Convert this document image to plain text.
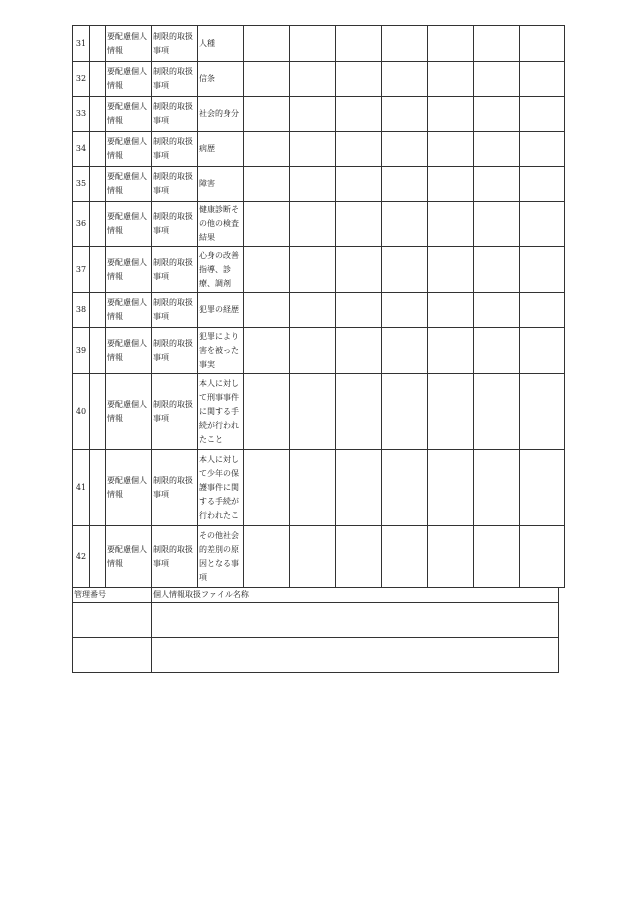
31		要配慮個人情報	制限的取扱事項	人種							
32		要配慮個人情報	制限的取扱事項	信条							
33		要配慮個人情報	制限的取扱事項	社会的身分							
34		要配慮個人情報	制限的取扱事項	病歴							
35		要配慮個人情報	制限的取扱事項	障害							
36		要配慮個人情報	制限的取扱事項	健康診断その他の検査結果							
37		要配慮個人情報	制限的取扱事項	心身の改善指導、診療、調剤							
38		要配慮個人情報	制限的取扱事項	犯罪の経歴							
39		要配慮個人情報	制限的取扱事項	犯罪により害を被った事実							
40		要配慮個人情報	制限的取扱事項	本人に対して刑事事件に関する手続が行われたこと							
41		要配慮個人情報	制限的取扱事項	本人に対して少年の保護事件に関する手続が行われたこ							
42		要配慮個人情報	制限的取扱事項	その他社会的差別の原因となる事項							
管理番号	個人情報取扱ファイル名称
